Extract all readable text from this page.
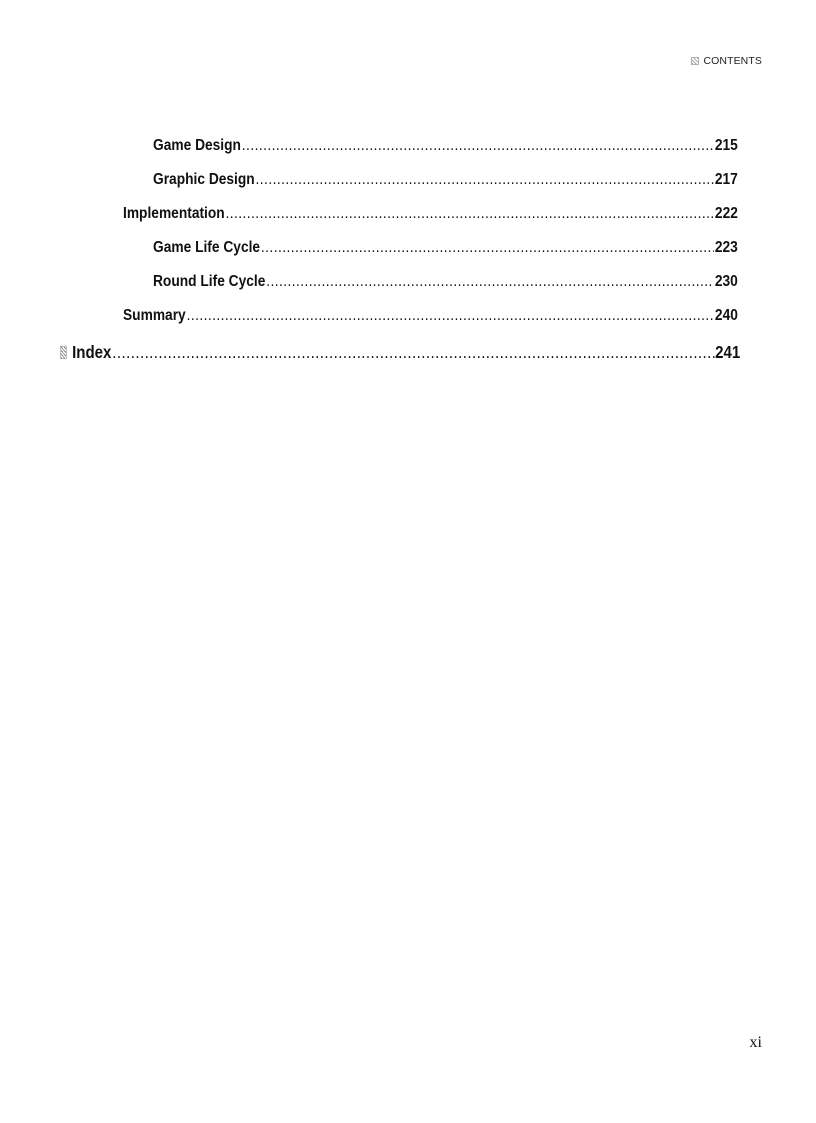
CONTENTS
Game Design .....	215
Graphic Design .....	217
Implementation .....	222
Game Life Cycle .....	223
Round Life Cycle .....	230
Summary .....	240
Index .....	241
xi
